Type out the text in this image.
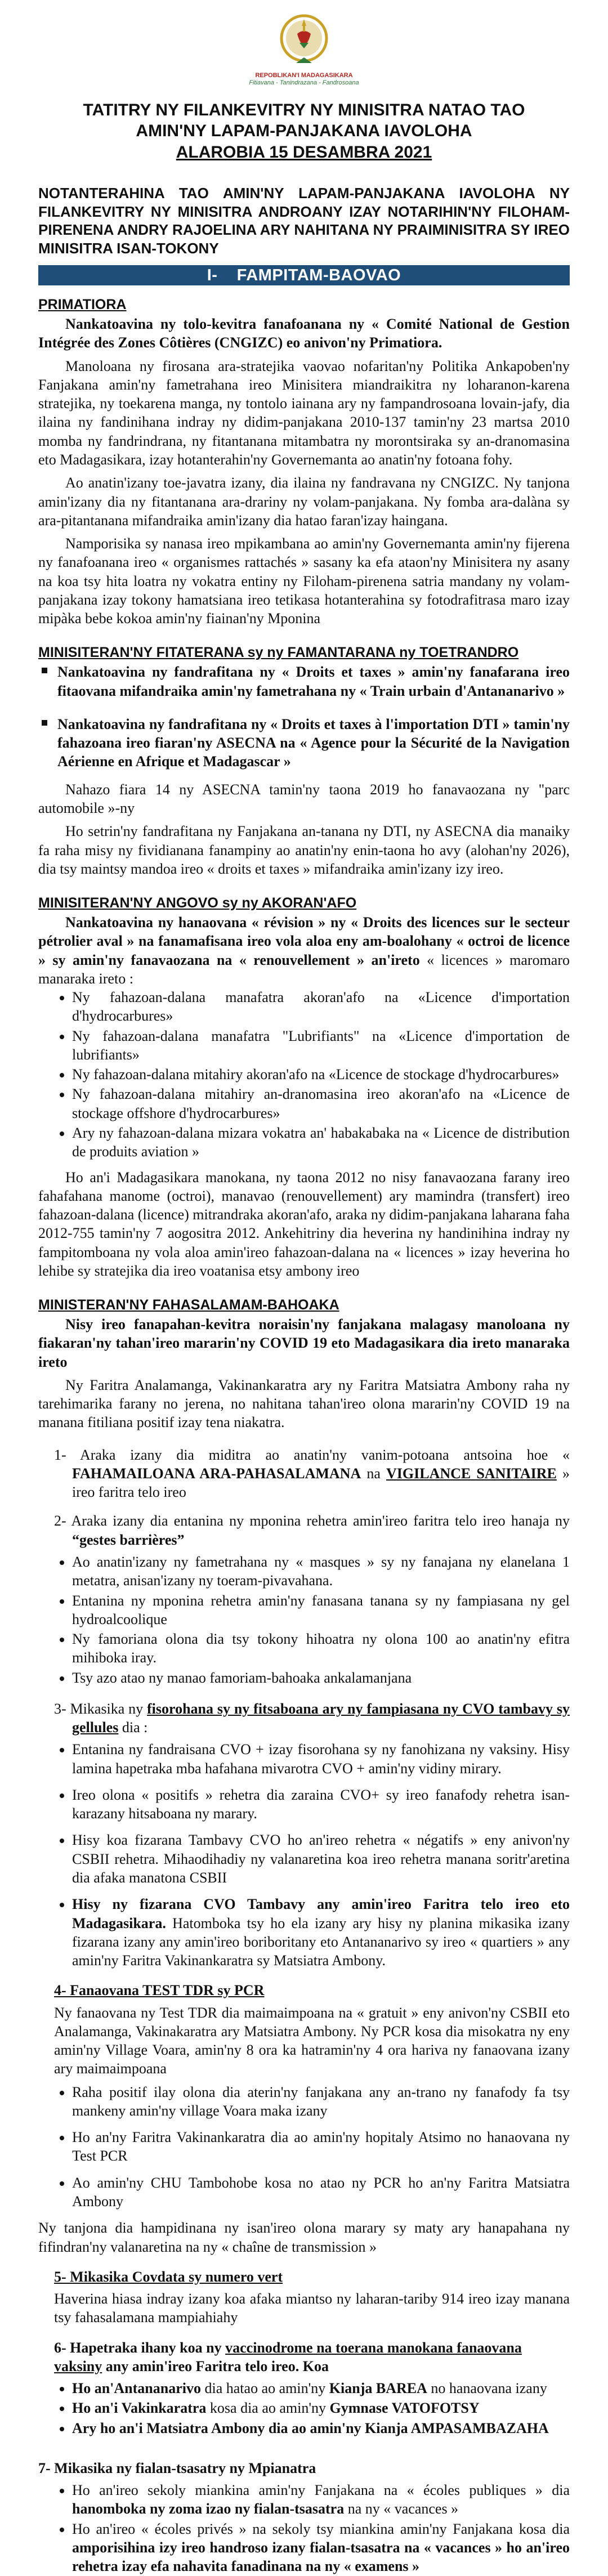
REPOBLIKAN'I MADAGASIKARA
Fitiavana - Tanindrazana - Fandrosoana
TATITRY NY FILANKEVITRY NY MINISITRA NATAO TAO
AMIN'NY LAPAM-PANJAKANA IAVOLOHA
ALAROBIA 15 DESAMBRA 2021
NOTANTERAHINA TAO AMIN'NY LAPAM-PANJAKANA IAVOLOHA NY FILANKEVITRY NY MINISITRA ANDROANY IZAY NOTARIHIN'NY FILOHAM-PIRENENA ANDRY RAJOELINA ARY NAHITANA NY PRAIMINISITRA SY IREO MINISITRA ISAN-TOKONY
I-    FAMPITAM-BAOVAO
PRIMATIORA

Nankatoavina ny tolo-kevitra fanafoanana ny « Comité National de Gestion Intégrée des Zones Côtières (CNGIZC) eo anivon'ny Primatiora.

Manoloana ny firosana ara-stratejika vaovao nofaritan'ny Politika Ankapoben'ny Fanjakana amin'ny fametrahana ireo Minisitera miandraikitra ny loharanon-karena stratejika, ny toekarena manga, ny tontolo iainana ary ny fampandrosoana lovain-jafy, dia ilaina ny fandinihana indray ny didim-panjakana 2010-137 tamin'ny 23 martsa 2010 momba ny fandrindrana, ny fitantanana mitambatra ny morontsiraka sy an-dranomasina eto Madagasikara, izay hotanterahin'ny Governemanta ao anatin'ny fotoana fohy.

Ao anatin'izany toe-javatra izany, dia ilaina ny fandravana ny CNGIZC. Ny tanjona amin'izany dia ny fitantanana ara-drariny ny volam-panjakana. Ny fomba ara-dalàna sy ara-pitantanana mifandraika amin'izany dia hatao faran'izay haingana.

Namporisika sy nanasa ireo mpikambana ao amin'ny Governemanta amin'ny fijerena ny fanafoanana ireo « organismes rattachés » sasany ka efa ataon'ny Minisitera ny asany na koa tsy hita loatra ny vokatra entiny ny Filoham-pirenena satria mandany ny volam-panjakana izay tokony hamatsiana ireo tetikasa hotanterahina sy fotodrafitrasa maro izay mipàka bebe kokoa amin'ny fiainan'ny Mponina

MINISITERAN'NY FITATERANA sy ny FAMANTARANA ny TOETRANDRO
Nankatoavina ny fandrafitana ny « Droits et taxes » amin'ny fanafarana ireo fitaovana mifandraika amin'ny fametrahana ny « Train urbain d'Antananarivo »
Nankatoavina ny fandrafitana ny « Droits et taxes à l'importation DTI » tamin'ny fahazoana ireo fiaran'ny ASECNA na « Agence pour la Sécurité de la Navigation Aérienne en Afrique et Madagascar »

Nahazo fiara 14 ny ASECNA tamin'ny taona 2019 ho fanavaozana ny "parc automobile »-ny

Ho setrin'ny fandrafitana ny Fanjakana an-tanana ny DTI, ny ASECNA dia manaiky fa raha misy ny fividianana fanampiny ao anatin'ny enin-taona ho avy (alohan'ny 2026), dia tsy maintsy mandoa ireo « droits et taxes » mifandraika amin'izany izy ireo.

MINISITERAN'NY ANGOVO sy ny AKORAN'AFO

Nankatoavina ny hanaovana « révision » ny « Droits des licences sur le secteur pétrolier aval » na fanamafisana ireo vola aloa eny am-boalohany « octroi de licence » sy amin'ny fanavaozana na « renouvellement » an'ireto « licences » maromaro manaraka ireto :

• Ny fahazoan-dalana manafatra akoran'afo na «Licence d'importation d'hydrocarbures»
• Ny fahazoan-dalana manafatra "Lubrifiants" na «Licence d'importation de lubrifiants»
• Ny fahazoan-dalana mitahiry akoran'afo na «Licence de stockage d'hydrocarbures»
• Ny fahazoan-dalana mitahiry an-dranomasina ireo akoran'afo na «Licence de stockage offshore d'hydrocarbures»
• Ary ny fahazoan-dalana mizara vokatra an' habakabaka na « Licence de distribution de produits aviation »

Ho an'i Madagasikara manokana, ny taona 2012 no nisy fanavaozana farany ireo fahafahana manome (octroi), manavao (renouvellement) ary mamindra (transfert) ireo fahazoan-dalana (licence) mitrandraka akoran'afo, araka ny didim-panjakana laharana faha 2012-755 tamin'ny 7 aogositra 2012. Ankehitriny dia heverina ny handinihina indray ny fampitomboana ny vola aloa amin'ireo fahazoan-dalana na « licences » izay heverina ho lehibe sy stratejika dia ireo voatanisa etsy ambony ireo

MINISTERAN'NY FAHASALAMAM-BAHOAKA

Nisy ireo fanapahan-kevitra noraisin'ny fanjakana malagasy manoloana ny fiakaran'ny tahan'ireo mararin'ny COVID 19 eto Madagasikara dia ireto manaraka ireto

Ny Faritra Analamanga, Vakinankaratra ary ny Faritra Matsiatra Ambony raha ny tarehimarika farany no jerena, no nahitana tahan'ireo olona mararin'ny COVID 19 na manana fitiliana positif izay tena niakatra.

1- Araka izany dia miditra ao anatin'ny vanim-potoana antsoina hoe « FAHAMAILOANA ARA-PAHASALAMANA na VIGILANCE SANITAIRE » ireo faritra telo ireo
2- Araka izany dia entanina ny mponina rehetra amin'ireo faritra telo ireo hanaja ny “gestes barrières”
• Ao anatin'izany ny fametrahana ny « masques » sy ny fanajana ny elanelana 1 metatra, anisan'izany ny toeram-pivavahana.
• Entanina ny mponina rehetra amin'ny fanasana tanana sy ny fampiasana ny gel hydroalcoolique
• Ny famoriana olona dia tsy tokony hihoatra ny olona 100 ao anatin'ny efitra mihiboka iray.
• Tsy azo atao ny manao famoriam-bahoaka ankalamanjana
3- Mikasika ny fisorohana sy ny fitsaboana ary ny fampiasana ny CVO tambavy sy gellules dia :
• Entanina ny fandraisana CVO + izay fisorohana sy ny fanohizana ny vaksiny. Hisy lamina hapetraka mba hafahana mivarotra CVO + amin'ny vidiny mirary.
• Ireo olona « positifs » rehetra dia zaraina CVO+ sy ireo fanafody rehetra isan-karazany hitsaboana ny marary.
• Hisy koa fizarana Tambavy CVO ho an'ireo rehetra « négatifs » eny anivon'ny CSBII rehetra. Mihaodihadiy ny valanaretina koa ireo rehetra manana soritr'aretina dia afaka manatona CSBII
• Hisy ny fizarana CVO Tambavy any amin'ireo Faritra telo ireo eto Madagasikara. Hatombokа tsy ho ela izany ary hisy ny planina mikasika izany fizarana izany any amin'ireo boriboritany eto Antananarivo sy ireo « quartiers » any amin'ny Faritra Vakinankaratra sy Matsiatra Ambony.
4- Fanaovana TEST TDR sy PCR

Ny fanaovana ny Test TDR dia maimaimpoana na « gratuit » eny anivon'ny CSBII eto Analamanga, Vakinakaratra ary Matsiatra Ambony. Ny PCR kosa dia misokatra ny eny amin'ny Village Voara, amin'ny 8 ora ka hatramin'ny 4 ora hariva ny fanaovana izany ary maimaimpoana

• Raha positif ilay olona dia aterin'ny fanjakana any an-trano ny fanafody fa tsy mankeny amin'ny village Voara maka izany
• Ho an'ny Faritra Vakinankaratra dia ao amin'ny hopitaly Atsimo no hanaovana ny Test PCR
• Ao amin'ny CHU Tambohobe kosa no atao ny PCR ho an'ny Faritra Matsiatra Ambony

Ny tanjona dia hampidinana ny isan'ireo olona marary sy maty ary hanapahana ny fifindran'ny valanaretina na ny « chaîne de transmission »

5- Mikasika Covdata sy numero vert

Haverina hiasa indray izany koa afaka miantso ny laharan-tariby 914 ireo izay manana tsy fahasalamana mampiahiahy

6- Hapetraka ihany koa ny vaccinodrome na toerana manokana fanaovana vaksiny any amin'ireo Faritra telo ireo. Koa
• Ho an'Antananarivo dia hatao ao amin'ny Kianja BAREA no hanaovana izany
• Ho an'i Vakinkaratra kosa dia ao amin'ny Gymnase VATOFOTSY
• Ary ho an'i Matsiatra Ambony dia ao amin'ny Kianja AMPASAMBAZAHA
7- Mikasika ny fialan-tsasatry ny Mpianatra
• Ho an'ireo sekoly miankina amin'ny Fanjakana na « écoles publiques » dia hanomboka ny zoma izao ny fialan-tsasatra na ny « vacances »
• Ho an'ireo « écoles privés » na sekoly tsy miankina amin'ny Fanjakana kosa dia amporisihina izy ireo handroso izany fialan-tsasatra na « vacances » ho an'ireo rehetra izay efa nahavita fanadinana na ny « examens »
